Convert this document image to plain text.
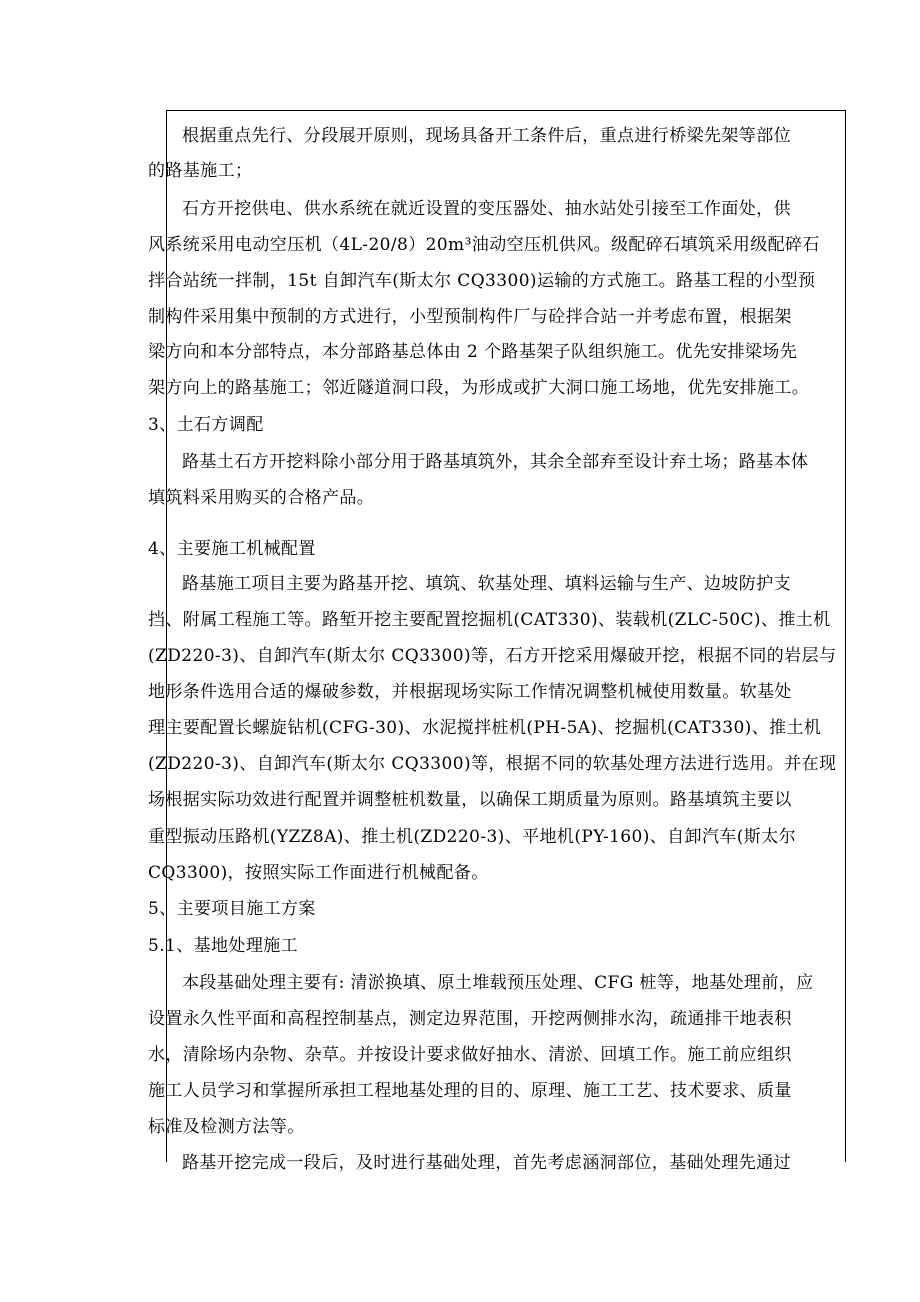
根据重点先行、分段展开原则，现场具备开工条件后，重点进行桥梁先架等部位
的路基施工；
石方开挖供电、供水系统在就近设置的变压器处、抽水站处引接至工作面处，供
风系统采用电动空压机（4L-20/8）20m³油动空压机供风。级配碎石填筑采用级配碎石
拌合站统一拌制，15t 自卸汽车(斯太尔 CQ3300)运输的方式施工。路基工程的小型预
制构件采用集中预制的方式进行，小型预制构件厂与砼拌合站一并考虑布置，根据架
梁方向和本分部特点，本分部路基总体由 2 个路基架子队组织施工。优先安排梁场先
架方向上的路基施工；邻近隧道洞口段，为形成或扩大洞口施工场地，优先安排施工。
3、土石方调配
路基土石方开挖料除小部分用于路基填筑外，其余全部弃至设计弃土场；路基本体
填筑料采用购买的合格产品。
4、主要施工机械配置
路基施工项目主要为路基开挖、填筑、软基处理、填料运输与生产、边坡防护支
挡、附属工程施工等。路堑开挖主要配置挖掘机(CAT330)、装载机(ZLC-50C)、推土机
(ZD220-3)、自卸汽车(斯太尔 CQ3300)等，石方开挖采用爆破开挖，根据不同的岩层与
地形条件选用合适的爆破参数，并根据现场实际工作情况调整机械使用数量。软基处
理主要配置长螺旋钻机(CFG-30)、水泥搅拌桩机(PH-5A)、挖掘机(CAT330)、推土机
(ZD220-3)、自卸汽车(斯太尔 CQ3300)等，根据不同的软基处理方法进行选用。并在现
场根据实际功效进行配置并调整桩机数量，以确保工期质量为原则。路基填筑主要以
重型振动压路机(YZZ8A)、推土机(ZD220-3)、平地机(PY-160)、自卸汽车(斯太尔
CQ3300)，按照实际工作面进行机械配备。
5、主要项目施工方案
5.1、基地处理施工
本段基础处理主要有: 清淤换填、原土堆载预压处理、CFG 桩等，地基处理前，应
设置永久性平面和高程控制基点，测定边界范围，开挖两侧排水沟，疏通排干地表积
水，清除场内杂物、杂草。并按设计要求做好抽水、清淤、回填工作。施工前应组织
施工人员学习和掌握所承担工程地基处理的目的、原理、施工工艺、技术要求、质量
标准及检测方法等。
路基开挖完成一段后，及时进行基础处理，首先考虑涵洞部位，基础处理先通过
